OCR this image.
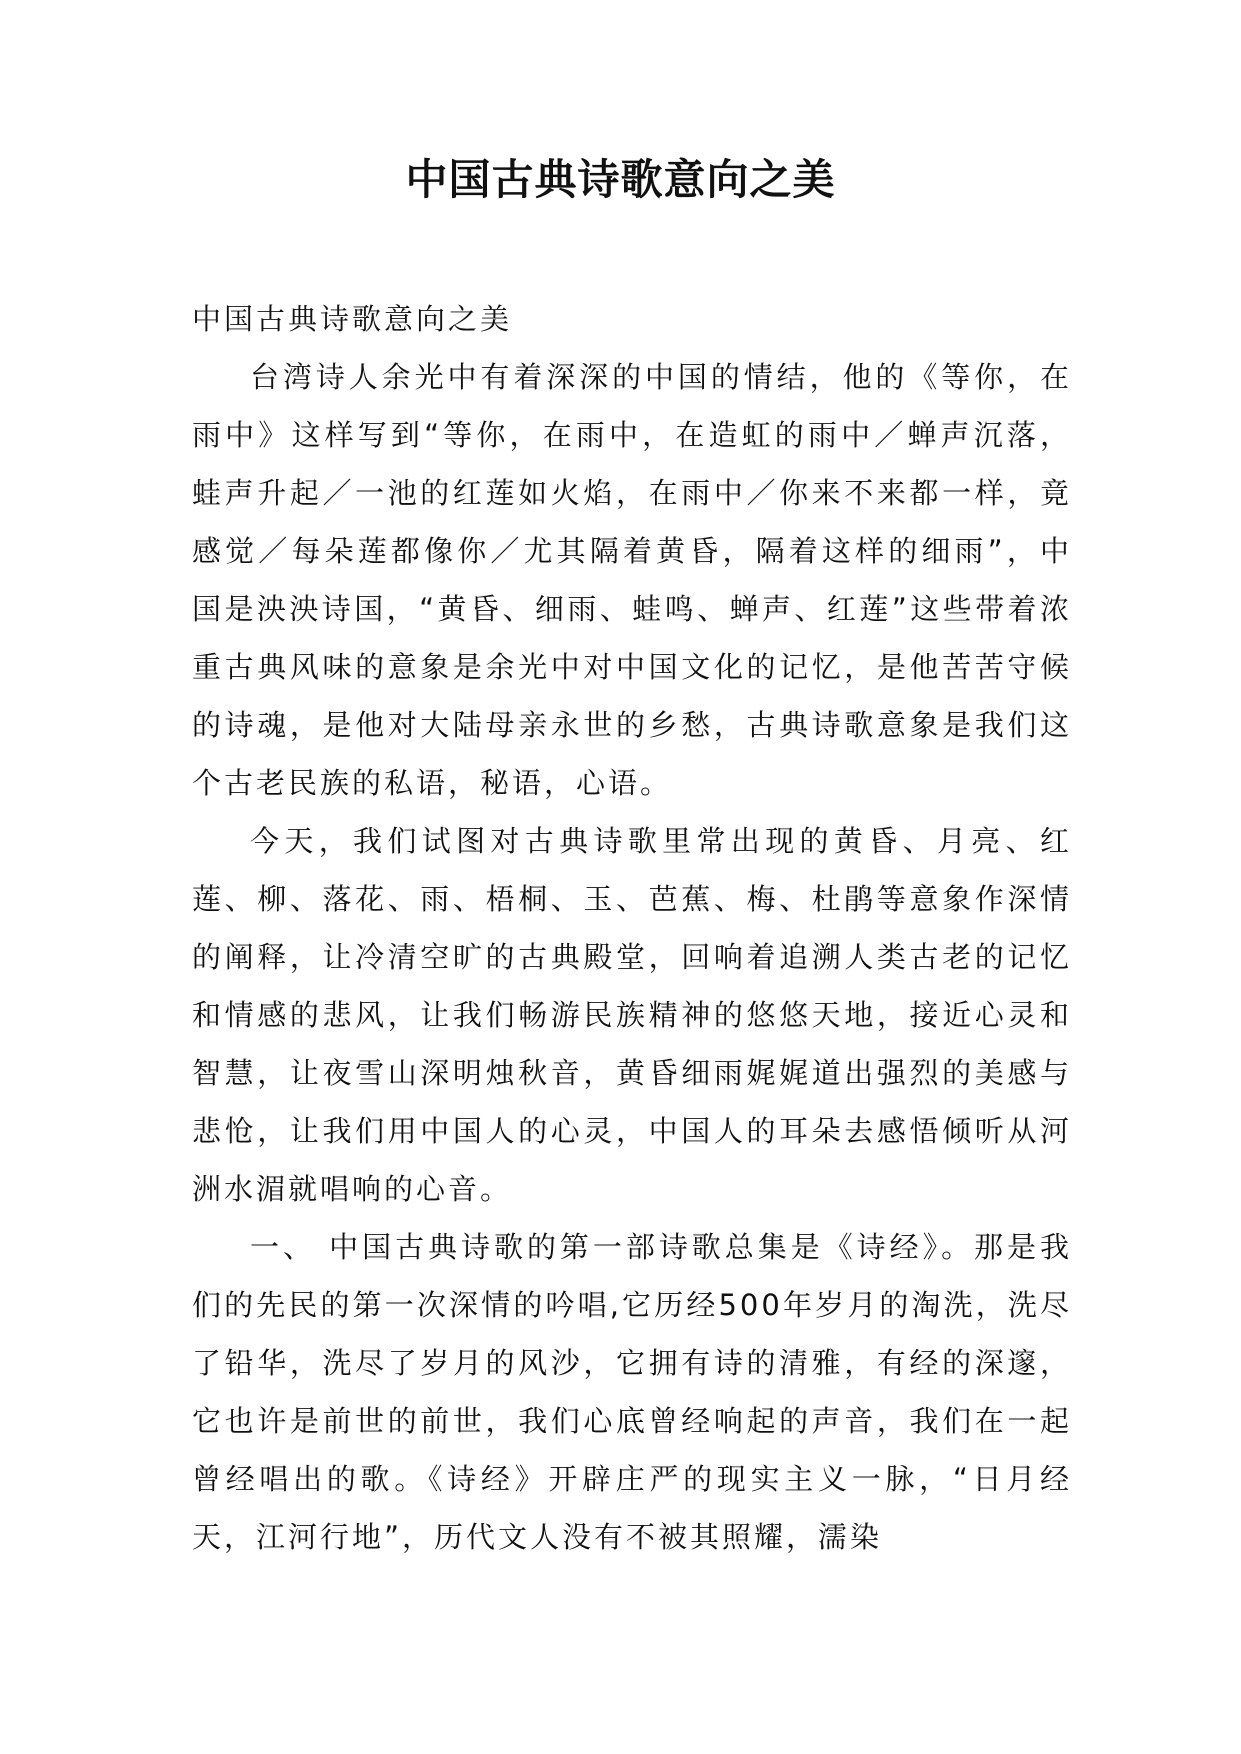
中国古典诗歌意向之美

中国古典诗歌意向之美

台湾诗人余光中有着深深的中国的情结，他的《等你，在雨中》这样写到“等你，在雨中，在造虹的雨中／蝉声沉落，蛙声升起／一池的红莲如火焰，在雨中／你来不来都一样，竟感觉／每朵莲都像你／尤其隔着黄昏，隔着这样的细雨”，中国是泱泱诗国，“黄昏、细雨、蛙鸣、蝉声、红莲”这些带着浓重古典风味的意象是余光中对中国文化的记忆，是他苦苦守候的诗魂，是他对大陆母亲永世的乡愁，古典诗歌意象是我们这个古老民族的私语，秘语，心语。

今天，我们试图对古典诗歌里常出现的黄昏、月亮、红莲、柳、落花、雨、梧桐、玉、芭蕉、梅、杜鹃等意象作深情的阐释，让冷清空旷的古典殿堂，回响着追溯人类古老的记忆和情感的悲风，让我们畅游民族精神的悠悠天地，接近心灵和智慧，让夜雪山深明烛秋音，黄昏细雨娓娓道出强烈的美感与悲怆，让我们用中国人的心灵，中国人的耳朵去感悟倾听从河洲水湄就唱响的心音。

一、 中国古典诗歌的第一部诗歌总集是《诗经》。那是我们的先民的第一次深情的吟唱,它历经500年岁月的淘洗，洗尽了铅华，洗尽了岁月的风沙，它拥有诗的清雅，有经的深邃，它也许是前世的前世，我们心底曾经响起的声音，我们在一起曾经唱出的歌。《诗经》开辟庄严的现实主义一脉，“日月经天，江河行地”，历代文人没有不被其照耀，濡染
